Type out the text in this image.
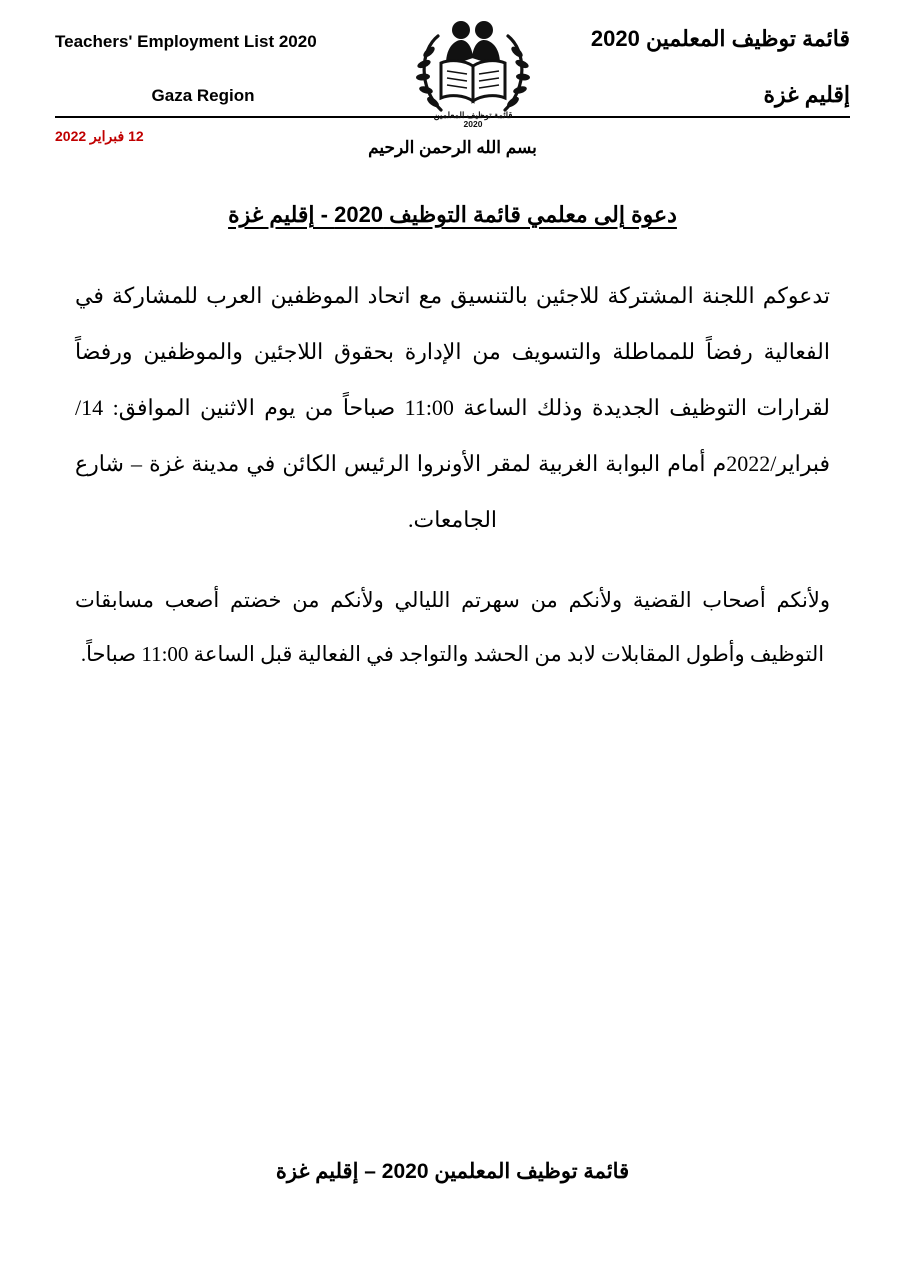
قائمة توظيف المعلمين 2020
إقليم غزة
قائمة توظيف المعلمين
2020
Teachers' Employment List 2020
Gaza Region
12 فبراير 2022
بسم الله الرحمن الرحيم
دعوة إلى معلمي قائمة التوظيف 2020 - إقليم غزة

تدعوكم اللجنة المشتركة للاجئين بالتنسيق مع اتحاد الموظفين العرب للمشاركة في الفعالية رفضاً للمماطلة والتسويف من الإدارة بحقوق اللاجئين والموظفين ورفضاً لقرارات التوظيف الجديدة وذلك الساعة 11:00 صباحاً من يوم الاثنين الموافق: 14/ فبراير/2022م أمام البوابة الغربية لمقر الأونروا الرئيس الكائن في مدينة غزة – شارع الجامعات.

ولأنكم أصحاب القضية ولأنكم من سهرتم الليالي ولأنكم من خضتم أصعب مسابقات التوظيف وأطول المقابلات لابد من الحشد والتواجد في الفعالية قبل الساعة 11:00 صباحاً.

قائمة توظيف المعلمين 2020 – إقليم غزة
